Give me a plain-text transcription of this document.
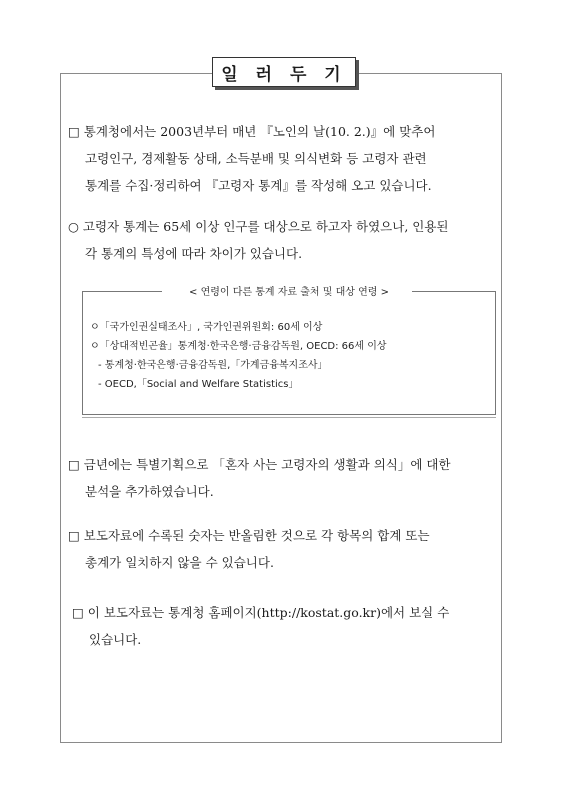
일 러 두 기
□ 통계청에서는 2003년부터 매년 『노인의 날(10. 2.)』에 맞추어
고령인구, 경제활동 상태, 소득분배 및 의식변화 등 고령자 관련
통계를 수집·정리하여 『고령자 통계』를 작성해 오고 있습니다.
○ 고령자 통계는 65세 이상 인구를 대상으로 하고자 하였으나, 인용된
각 통계의 특성에 따라 차이가 있습니다.
< 연령이 다른 통계 자료 출처 및 대상 연령 >
ㅇ「국가인권실태조사」, 국가인권위원회: 60세 이상
ㅇ「상대적빈곤율」통계청·한국은행·금융감독원, OECD: 66세 이상
- 통계청·한국은행·금융감독원,「가계금융복지조사」
- OECD,「Social and Welfare Statistics」
□ 금년에는 특별기획으로 「혼자 사는 고령자의 생활과 의식」에 대한
분석을 추가하였습니다.
□ 보도자료에 수록된 숫자는 반올림한 것으로 각 항목의 합계 또는
총계가 일치하지 않을 수 있습니다.
□ 이 보도자료는 통계청 홈페이지(http://kostat.go.kr)에서 보실 수
있습니다.
